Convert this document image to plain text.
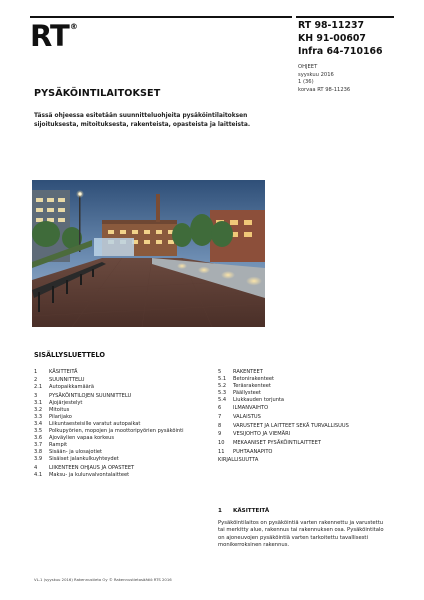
RT®	RT 98-11237
KH 91-00607
Infra 64-710166
OHJEET
syyskuu 2016
1 (36)
korvaa RT 98-11236
PYSÄKÖINTILAITOKSET
Tässä ohjeessa esitetään suunnitteluohjeita pysäköintilaitoksen sijoituksesta, mitoituksesta, rakenteista, opasteista ja laitteista.
SISÄLLYSLUETTELO
1	KÄSITTEITÄ
2	SUUNNITTELU
2.1	Autopaikkamäärä
3	PYSÄKÖINTILOJEN SUUNNITTELU
3.1	Ajojärjestelyt
3.2	Mitoitus
3.3	Pilarijako
3.4	Liikuntaesteisille varatut autopaikat
3.5	Polkupyörien, mopojen ja moottoripyörien pysäköinti
3.6	Ajoväylien vapaa korkeus
3.7	Rampit
3.8	Sisään- ja ulosajotiet
3.9	Sisäiset jalankulkuyhteydet
4	LIIKENTEEN OHJAUS JA OPASTEET
4.1	Maksu- ja kulunvalvontalaitteet
5	RAKENTEET
5.1	Betonirakenteet
5.2	Teräsrakenteet
5.3	Päällysteet
5.4	Liukkauden torjunta
6	ILMANVAIHTO
7	VALAISTUS
8	VARUSTEET JA LAITTEET SEKÄ TURVALLISUUS
9	VESIJOHTO JA VIEMÄRI
10	MEKAANISET PYSÄKÖINTILAITTEET
11	PUHTAANAPITO
KIRJALLISUUTTA
1	KÄSITTEITÄ
Pysäköintilaitos on pysäköintiä varten rakennettu ja varustettu tai merkitty alue, rakennus tai rakennuksen osa. Pysäköintitalo on ajoneuvojen pysäköintiä varten tarkoitettu tavallisesti monikerroksinen rakennus.
VL-1 (syyskuu 2016) Rakennustieto Oy © Rakennustietosäätiö RTS 2016
